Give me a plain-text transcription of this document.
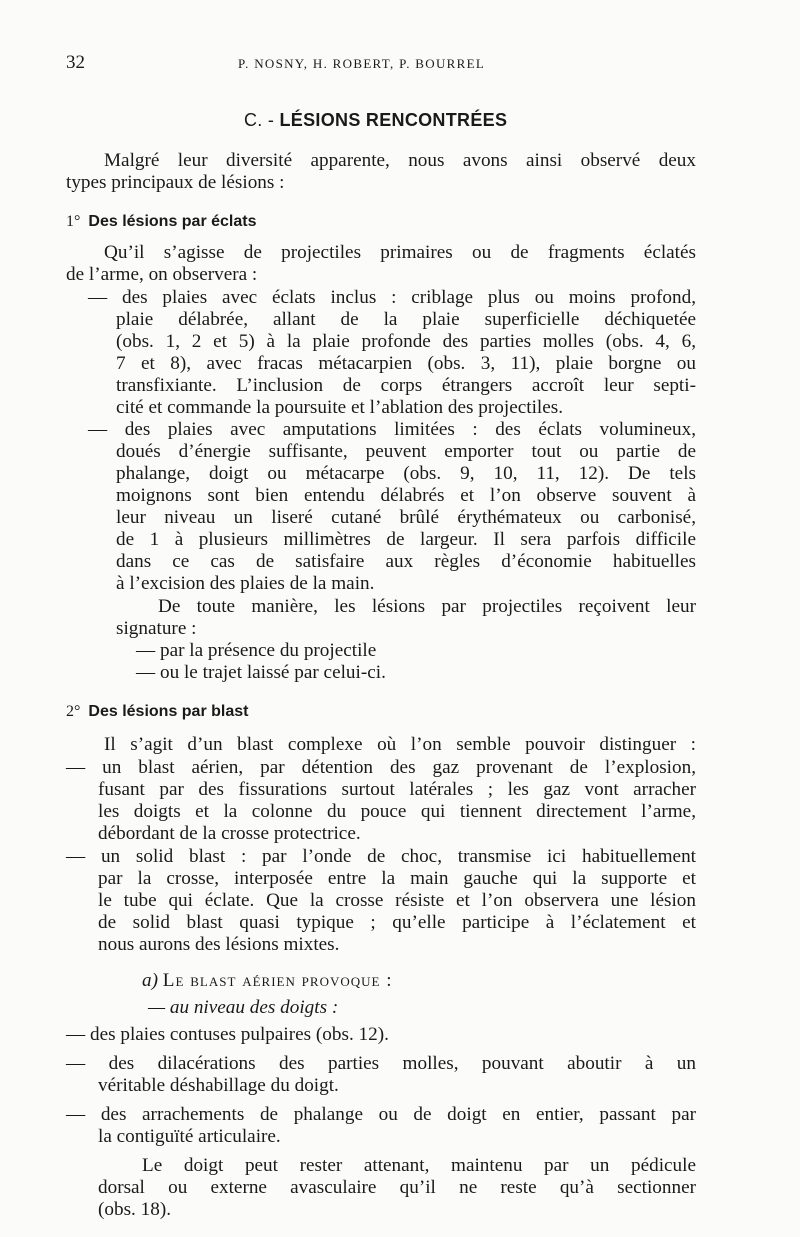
32	P. NOSNY, H. ROBERT, P. BOURREL
C. - LÉSIONS RENCONTRÉES
Malgré leur diversité apparente, nous avons ainsi observé deux
types principaux de lésions :
1° Des lésions par éclats
Qu’il s’agisse de projectiles primaires ou de fragments éclatés
de l’arme, on observera :
— des plaies avec éclats inclus : criblage plus ou moins profond,
plaie délabrée, allant de la plaie superficielle déchiquetée
(obs. 1, 2 et 5) à la plaie profonde des parties molles (obs. 4, 6,
7 et 8), avec fracas métacarpien (obs. 3, 11), plaie borgne ou
transfixiante. L’inclusion de corps étrangers accroît leur septi-
cité et commande la poursuite et l’ablation des projectiles.
— des plaies avec amputations limitées : des éclats volumineux,
doués d’énergie suffisante, peuvent emporter tout ou partie de
phalange, doigt ou métacarpe (obs. 9, 10, 11, 12). De tels
moignons sont bien entendu délabrés et l’on observe souvent à
leur niveau un liseré cutané brûlé érythémateux ou carbonisé,
de 1 à plusieurs millimètres de largeur. Il sera parfois difficile
dans ce cas de satisfaire aux règles d’économie habituelles
à l’excision des plaies de la main.
De toute manière, les lésions par projectiles reçoivent leur
signature :
— par la présence du projectile
— ou le trajet laissé par celui-ci.
2° Des lésions par blast
Il s’agit d’un blast complexe où l’on semble pouvoir distinguer :
— un blast aérien, par détention des gaz provenant de l’explosion,
fusant par des fissurations surtout latérales ; les gaz vont arracher
les doigts et la colonne du pouce qui tiennent directement l’arme,
débordant de la crosse protectrice.
— un solid blast : par l’onde de choc, transmise ici habituellement
par la crosse, interposée entre la main gauche qui la supporte et
le tube qui éclate. Que la crosse résiste et l’on observera une lésion
de solid blast quasi typique ; qu’elle participe à l’éclatement et
nous aurons des lésions mixtes.
a) Le blast aérien provoque :
— au niveau des doigts :
— des plaies contuses pulpaires (obs. 12).
— des dilacérations des parties molles, pouvant aboutir à un
véritable déshabillage du doigt.
— des arrachements de phalange ou de doigt en entier, passant par
la contiguïté articulaire.
Le doigt peut rester attenant, maintenu par un pédicule
dorsal ou externe avasculaire qu’il ne reste qu’à sectionner
(obs. 18).
